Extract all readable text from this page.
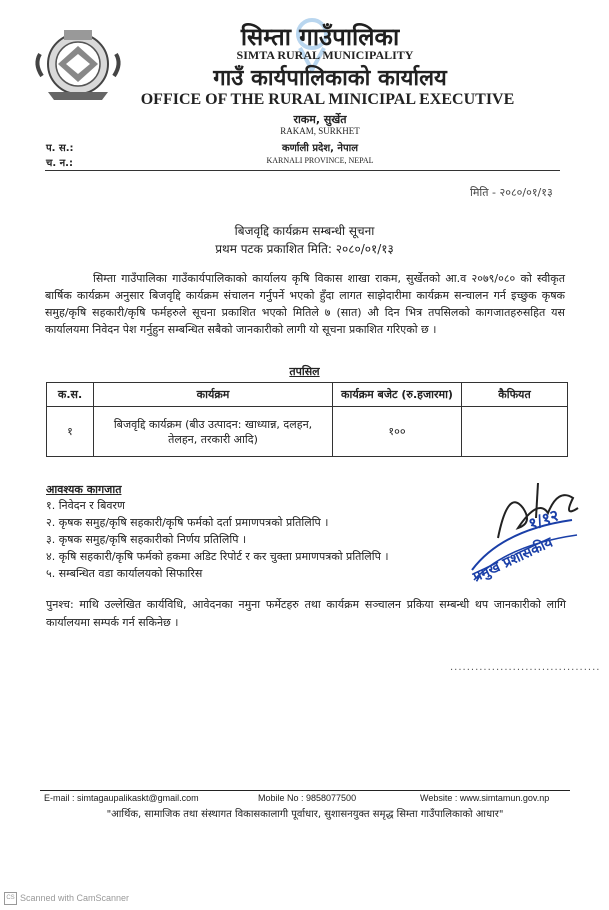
सिम्ता गाउँपालिका
SIMTA RURAL MUNICIPALITY
गाउँ कार्यपालिकाको कार्यालय
OFFICE OF THE RURAL MINICIPAL EXECUTIVE
राकम, सुर्खेत
RAKAM, SURKHET
कर्णाली प्रदेश, नेपाल
KARNALI PROVINCE, NEPAL
प. स.:
च. न.:
मिति - २०८०/०१/१३
बिजवृद्दि कार्यक्रम सम्बन्धी सूचना
प्रथम पटक प्रकाशित मिति: २०८०/०१/१३
सिम्ता गाउँपालिका गाउँकार्यपालिकाको कार्यालय कृषि विकास शाखा राकम, सुर्खेतको आ.व २०७९/०८० को स्वीकृत बार्षिक कार्यक्रम अनुसार बिजवृद्दि कार्यक्रम संचालन गर्नुपर्ने भएको हुँदा लागत साझेदारीमा कार्यक्रम सन्चालन गर्न इच्छुक कृषक समुह/कृषि सहकारी/कृषि फर्महरुले सूचना प्रकाशित भएको मितिले ७ (सात) औ दिन भित्र तपसिलको कागजातहरुसहित यस कार्यालयमा निवेदन पेश गर्नुहुन सम्बन्धित सबैको जानकारीको लागी यो सूचना प्रकाशित गरिएको छ ।
तपसिल
क.स.	कार्यक्रम	कार्यक्रम बजेट (रु.हजारमा)	कैफियत
१	बिजवृद्दि कार्यक्रम (बीउ उत्पादन: खाध्यान्न, दलहन, तेलहन, तरकारी आदि)	१००	
आवश्यक कागजात
१. निवेदन र बिवरण
२. कृषक समुह/कृषि सहकारी/कृषि फर्मको दर्ता प्रमाणपत्रको प्रतिलिपि ।
३. कृषक समुह/कृषि सहकारीको निर्णय प्रतिलिपि ।
४. कृषि सहकारी/कृषि फर्मको हकमा अडिट रिपोर्ट र कर चुक्ता प्रमाणपत्रको प्रतिलिपि ।
५. सम्बन्धित वडा कार्यालयको सिफारिस
१/१२
प्रमुख प्रशासकीय
पुनश्च: माथि उल्लेखित कार्यविधि, आवेदनका नमुना फर्मेटहरु तथा कार्यक्रम सञ्चालन प्रकिया सम्बन्धी थप जानकारीको लागि कार्यालयमा सम्पर्क गर्न सकिनेछ ।
....................................
E-mail : simtagaupalikaskt@gmail.com	Mobile No : 9858077500	Website : www.simtamun.gov.np
"आर्थिक, सामाजिक तथा संस्थागत विकासकालागी पूर्वाधार, सुशासनयुक्त समृद्ध सिम्ता गाउँपालिकाको आधार"
CS Scanned with CamScanner
